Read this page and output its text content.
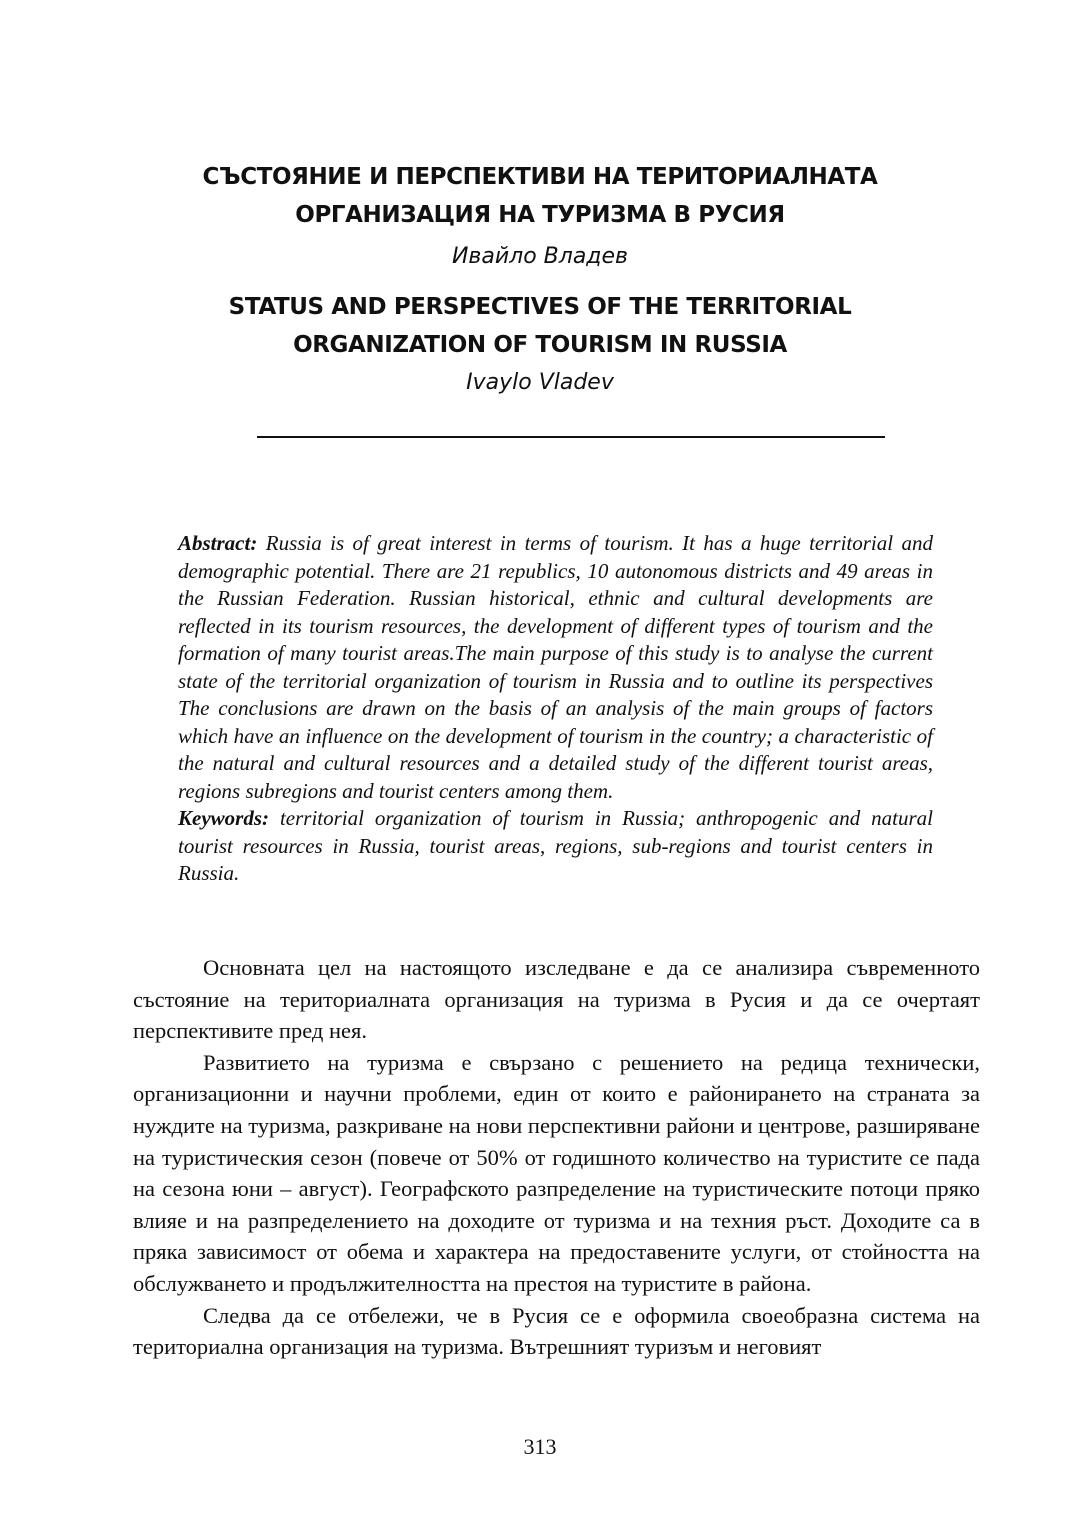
СЪСТОЯНИЕ И ПЕРСПЕКТИВИ НА ТЕРИТОРИАЛНАТА

ОРГАНИЗАЦИЯ НА ТУРИЗМА В РУСИЯ

Ивайло Владев

STATUS AND PERSPECTIVES OF THE TERRITORIAL

ORGANIZATION OF TOURISM IN RUSSIA

Ivaylo Vladev

Abstract: Russia is of great interest in terms of tourism. It has a huge territorial and demographic potential. There are 21 republics, 10 autonomous districts and 49 areas in the Russian Federation. Russian historical, ethnic and cultural developments are reflected in its tourism resources, the development of different types of tourism and the formation of many tourist areas.The main purpose of this study is to analyse the current state of the territorial organization of tourism in Russia and to outline its perspectives The conclusions are drawn on the basis of an analysis of the main groups of factors which have an influence on the development of tourism in the country; a characteristic of the natural and cultural resources and a detailed study of the different tourist areas, regions subregions and tourist centers among them.

Keywords: territorial organization of tourism in Russia; anthropogenic and natural tourist resources in Russia, tourist areas, regions, sub-regions and tourist centers in Russia.

Основната цел на настоящото изследване е да се анализира съвременното състояние на териториалната организация на туризма в Русия и да се очертаят перспективите пред нея.

Развитието на туризма е свързано с решението на редица технически, организационни и научни проблеми, един от които е районирането на страната за нуждите на туризма, разкриване на нови перспективни райони и центрове, разширяване на туристическия сезон (повече от 50% от годишното количество на туристите се пада на сезона юни – август). Географското разпределение на туристическите потоци пряко влияе и на разпределението на доходите от туризма и на техния ръст. Доходите са в пряка зависимост от обема и характера на предоставените услуги, от стойността на обслужването и продължителността на престоя на туристите в района.

Следва да се отбележи, че в Русия се е оформила своеобразна система на териториална организация на туризма. Вътрешният туризъм и неговият

313
